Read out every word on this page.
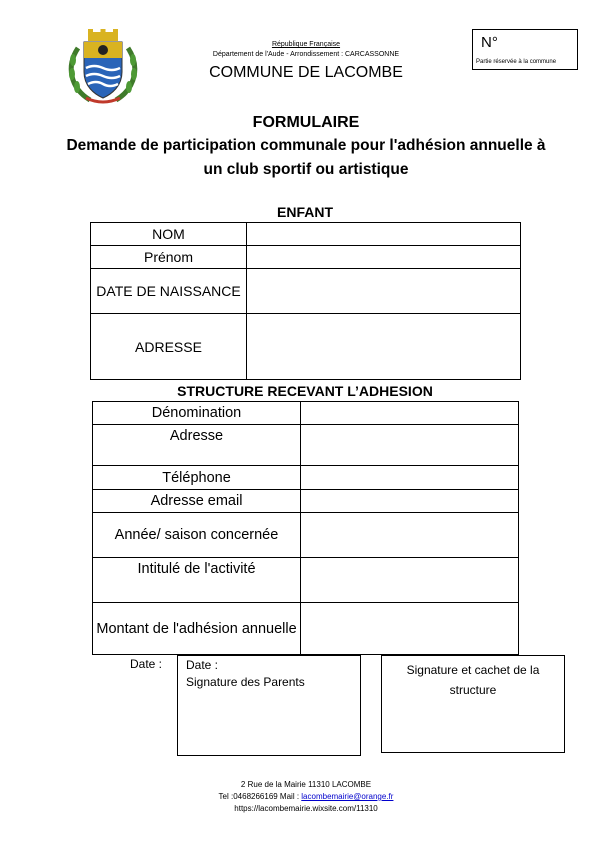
République Française
Département de l'Aude - Arrondissement : CARCASSONNE
COMMUNE DE LACOMBE
N°
Partie réservée à la commune
FORMULAIRE
Demande de participation communale pour l'adhésion annuelle à
un club sportif ou artistique
ENFANT
NOM	
Prénom	
DATE DE NAISSANCE	
ADRESSE	
STRUCTURE RECEVANT L’ADHESION
Dénomination	
Adresse	
Téléphone	
Adresse email	
Année/ saison concernée	
Intitulé de l'activité	
Montant de l'adhésion annuelle	
Date : Date :
Signature des Parents
Signature et cachet de la structure
2 Rue de la Mairie 11310 LACOMBE
Tel :0468266169 Mail : lacombemairie@orange.fr
https://lacombemairie.wixsite.com/11310
